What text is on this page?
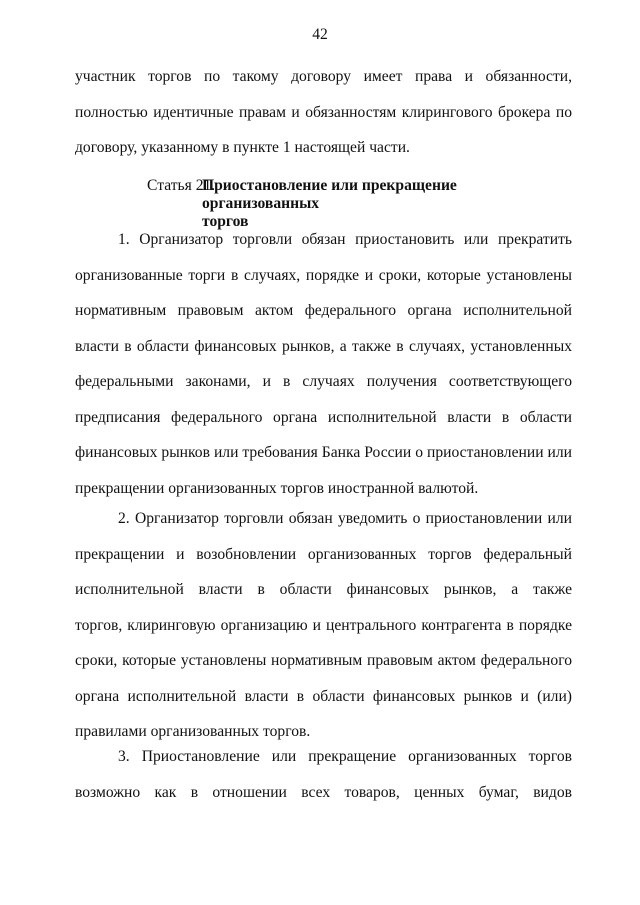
42
участник торгов по такому договору имеет права и обязанности,
полностью идентичные правам и обязанностям клирингового брокера по
договору, указанному в пункте 1 настоящей части.
Статья 21.
Приостановление или прекращение организованных
торгов
1. Организатор торговли обязан приостановить или прекратить
организованные торги в случаях, порядке и сроки, которые установлены
нормативным правовым актом федерального органа исполнительной
власти в области финансовых рынков, а также в случаях, установленных
федеральными законами, и в случаях получения соответствующего
предписания федерального органа исполнительной власти в области
финансовых рынков или требования Банка России о приостановлении или
прекращении организованных торгов иностранной валютой.
2. Организатор торговли обязан уведомить о приостановлении или
прекращении и возобновлении организованных торгов федеральный
исполнительной власти в области финансовых рынков, а также
торгов, клиринговую организацию и центрального контрагента в порядке
сроки, которые установлены нормативным правовым актом федерального
органа исполнительной власти в области финансовых рынков и (или)
правилами организованных торгов.
3. Приостановление или прекращение организованных торгов
возможно как в отношении всех товаров, ценных бумаг, видов
